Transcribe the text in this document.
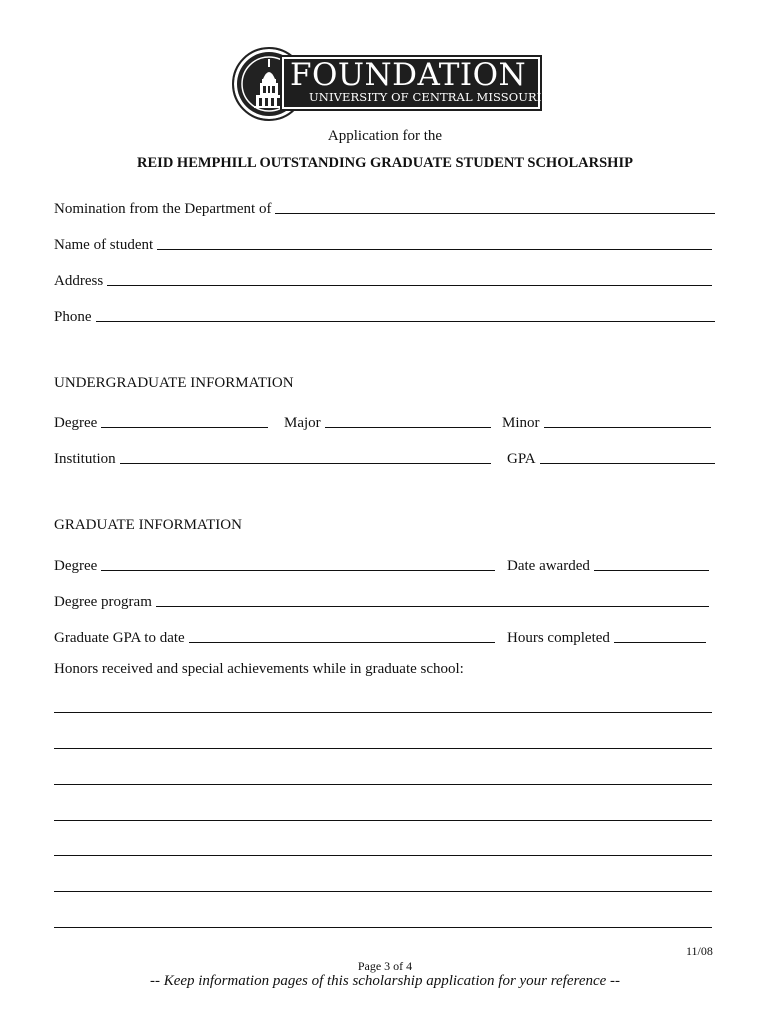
FOUNDATION
UNIVERSITY OF CENTRAL MISSOURI
Application for the
REID HEMPHILL OUTSTANDING GRADUATE STUDENT SCHOLARSHIP
Nomination from the Department of
Name of student
Address
Phone
UNDERGRADUATE INFORMATION
Degree	Major	Minor
Institution	GPA
GRADUATE INFORMATION
Degree	Date awarded
Degree program
Graduate GPA to date	Hours completed
Honors received and special achievements while in graduate school:
11/08
Page 3 of 4
-- Keep information pages of this scholarship application for your reference --
